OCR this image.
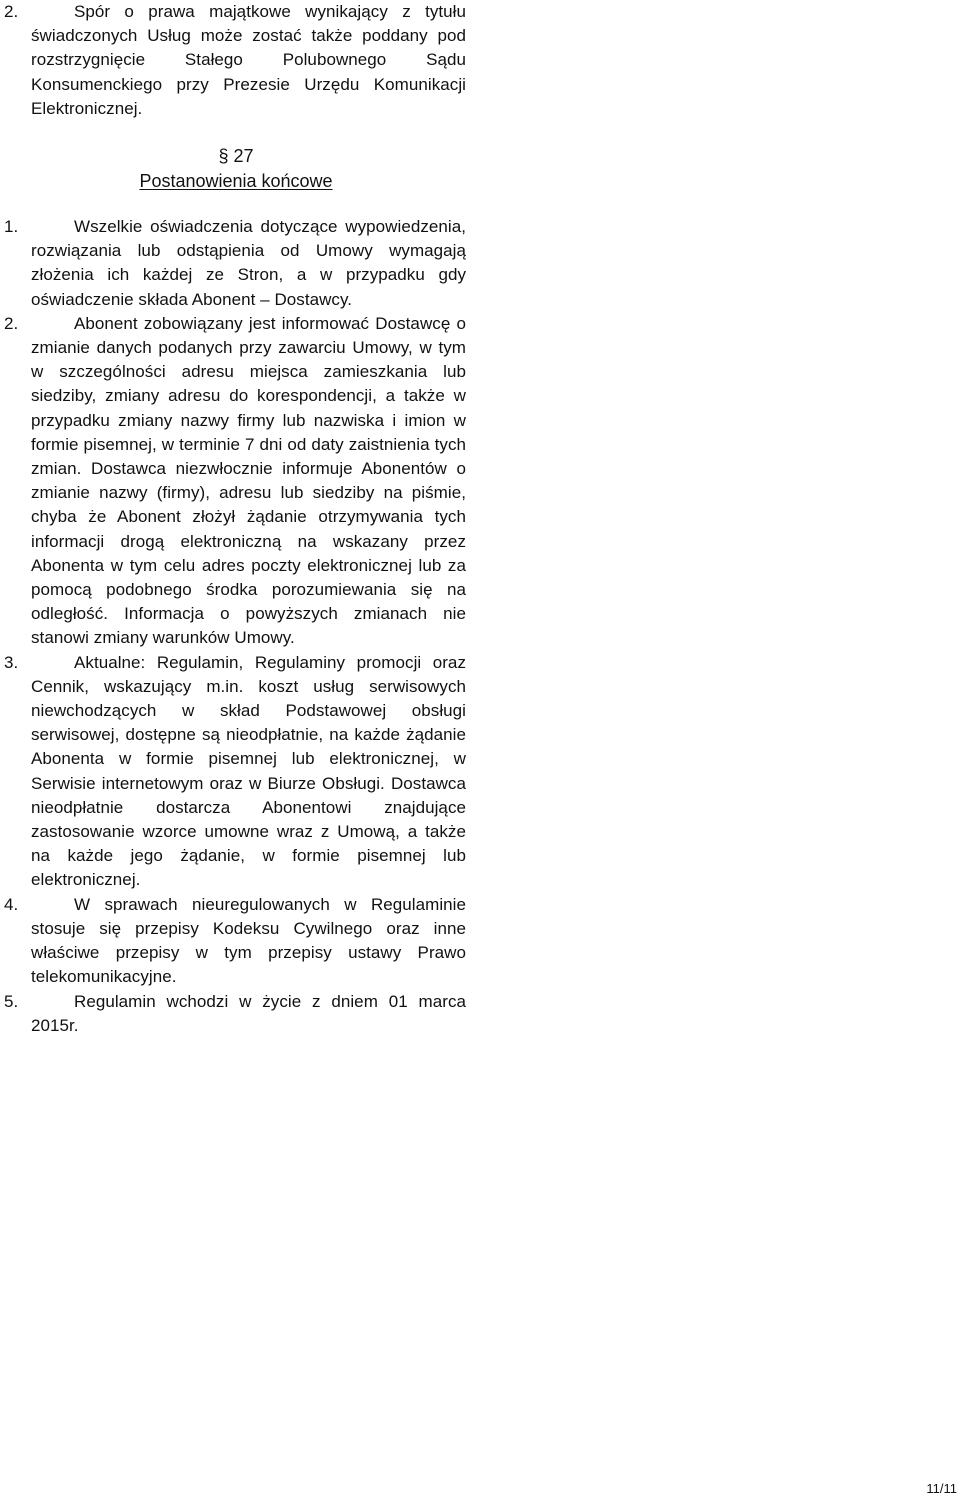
2.	Spór o prawa majątkowe wynikający z tytułu świadczonych Usług może zostać także poddany pod rozstrzygnięcie Stałego Polubownego Sądu Konsumenckiego przy Prezesie Urzędu Komunikacji Elektronicznej.
§ 27
Postanowienia końcowe
1.	Wszelkie oświadczenia dotyczące wypowiedzenia, rozwiązania lub odstąpienia od Umowy wymagają złożenia ich każdej ze Stron, a w przypadku gdy oświadczenie składa Abonent – Dostawcy.
2.	Abonent zobowiązany jest informować Dostawcę o zmianie danych podanych przy zawarciu Umowy, w tym w szczególności adresu miejsca zamieszkania lub siedziby, zmiany adresu do korespondencji, a także w przypadku zmiany nazwy firmy lub nazwiska i imion w formie pisemnej, w terminie 7 dni od daty zaistnienia tych zmian. Dostawca niezwłocznie informuje Abonentów o zmianie nazwy (firmy), adresu lub siedziby na piśmie, chyba że Abonent złożył żądanie otrzymywania tych informacji drogą elektroniczną na wskazany przez Abonenta w tym celu adres poczty elektronicznej lub za pomocą podobnego środka porozumiewania się na odległość. Informacja o powyższych zmianach nie stanowi zmiany warunków Umowy.
3.	Aktualne: Regulamin, Regulaminy promocji oraz Cennik, wskazujący m.in. koszt usług serwisowych niewchodzących w skład Podstawowej obsługi serwisowej, dostępne są nieodpłatnie, na każde żądanie Abonenta w formie pisemnej lub elektronicznej, w Serwisie internetowym oraz w Biurze Obsługi. Dostawca nieodpłatnie dostarcza Abonentowi znajdujące zastosowanie wzorce umowne wraz z Umową, a także na każde jego żądanie, w formie pisemnej lub elektronicznej.
4.	W sprawach nieuregulowanych w Regulaminie stosuje się przepisy Kodeksu Cywilnego oraz inne właściwe przepisy w tym przepisy ustawy Prawo telekomunikacyjne.
5.	Regulamin wchodzi w życie z dniem 01 marca 2015r.
11/11
